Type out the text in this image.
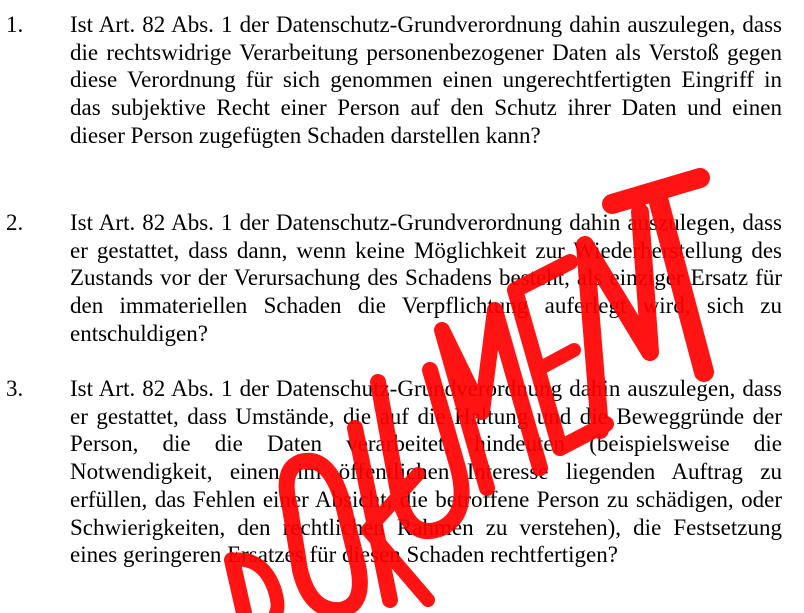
1. Ist Art. 82 Abs. 1 der Datenschutz-Grundverordnung dahin auszulegen, dass die rechtswidrige Verarbeitung personenbezogener Daten als Verstoß gegen diese Verordnung für sich genommen einen ungerechtfertigten Eingriff in das subjektive Recht einer Person auf den Schutz ihrer Daten und einen dieser Person zugefügten Schaden darstellen kann?
2. Ist Art. 82 Abs. 1 der Datenschutz-Grundverordnung dahin auszulegen, dass er gestattet, dass dann, wenn keine Möglichkeit zur Wiederherstellung des Zustands vor der Verursachung des Schadens besteht, als einziger Ersatz für den immateriellen Schaden die Verpflichtung auferlegt wird, sich zu entschuldigen?
3. Ist Art. 82 Abs. 1 der Datenschutz-Grundverordnung dahin auszulegen, dass er gestattet, dass Umstände, die auf die Haltung und die Beweggründe der Person, die die Daten verarbeitet, hindeuten (beispielsweise die Notwendigkeit, einen im öffentlichen Interesse liegenden Auftrag zu erfüllen, das Fehlen einer Absicht, die betroffene Person zu schädigen, oder Schwierigkeiten, den rechtlichen Rahmen zu verstehen), die Festsetzung eines geringeren Ersatzes für diesen Schaden rechtfertigen?
